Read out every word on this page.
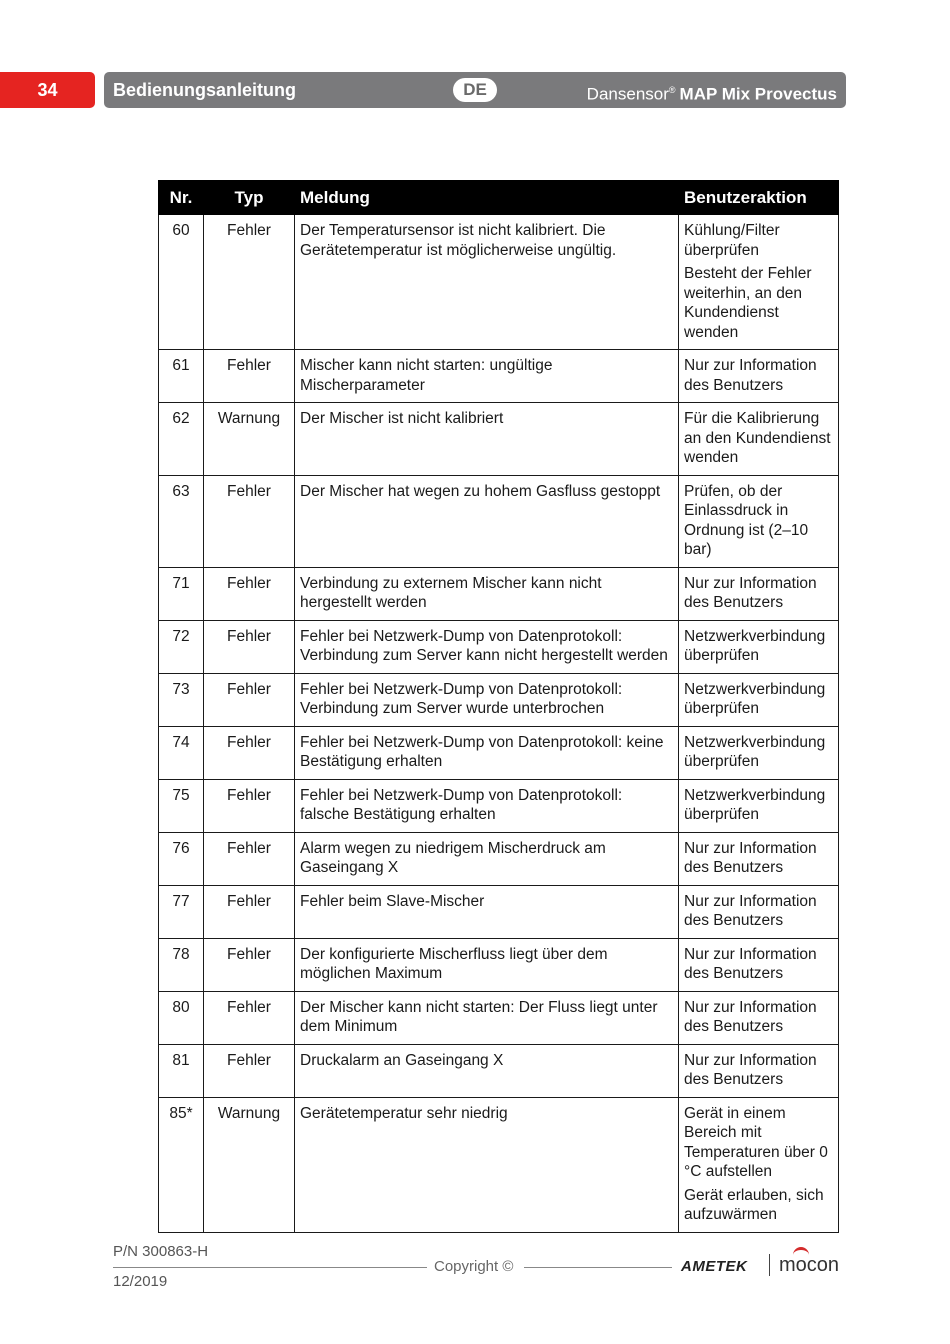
34	Bedienungsanleitung	DE	Dansensor® MAP Mix Provectus
Nr.	Typ	Meldung	Benutzeraktion
60	Fehler	Der Temperatursensor ist nicht kalibriert. Die Gerätetemperatur ist möglicherweise ungültig.	Kühlung/Filter überprüfen

Besteht der Fehler weiterhin, an den Kundendienst wenden

61	Fehler	Mischer kann nicht starten: ungültige Mischerparameter	Nur zur Information des Benutzers

62	Warnung	Der Mischer ist nicht kalibriert	Für die Kalibrierung an den Kundendienst wenden

63	Fehler	Der Mischer hat wegen zu hohem Gasfluss gestoppt	Prüfen, ob der Einlassdruck in Ordnung ist (2–10 bar)

71	Fehler	Verbindung zu externem Mischer kann nicht hergestellt werden	Nur zur Information des Benutzers

72	Fehler	Fehler bei Netzwerk-Dump von Datenprotokoll: Verbindung zum Server kann nicht hergestellt werden	Netzwerkverbindung überprüfen

73	Fehler	Fehler bei Netzwerk-Dump von Datenprotokoll: Verbindung zum Server wurde unterbrochen	Netzwerkverbindung überprüfen

74	Fehler	Fehler bei Netzwerk-Dump von Datenprotokoll: keine Bestätigung erhalten	Netzwerkverbindung überprüfen

75	Fehler	Fehler bei Netzwerk-Dump von Datenprotokoll: falsche Bestätigung erhalten	Netzwerkverbindung überprüfen

76	Fehler	Alarm wegen zu niedrigem Mischerdruck am Gaseingang X	Nur zur Information des Benutzers

77	Fehler	Fehler beim Slave-Mischer	Nur zur Information des Benutzers

78	Fehler	Der konfigurierte Mischerfluss liegt über dem möglichen Maximum	Nur zur Information des Benutzers

80	Fehler	Der Mischer kann nicht starten: Der Fluss liegt unter dem Minimum	Nur zur Information des Benutzers

81	Fehler	Druckalarm an Gaseingang X	Nur zur Information des Benutzers

85*	Warnung	Gerätetemperatur sehr niedrig	Gerät in einem Bereich mit Temperaturen über 0 °C aufstellen

Gerät erlauben, sich aufzuwärmen

P/N 300863-H
12/2019
Copyright ©	AMETEK mocon
